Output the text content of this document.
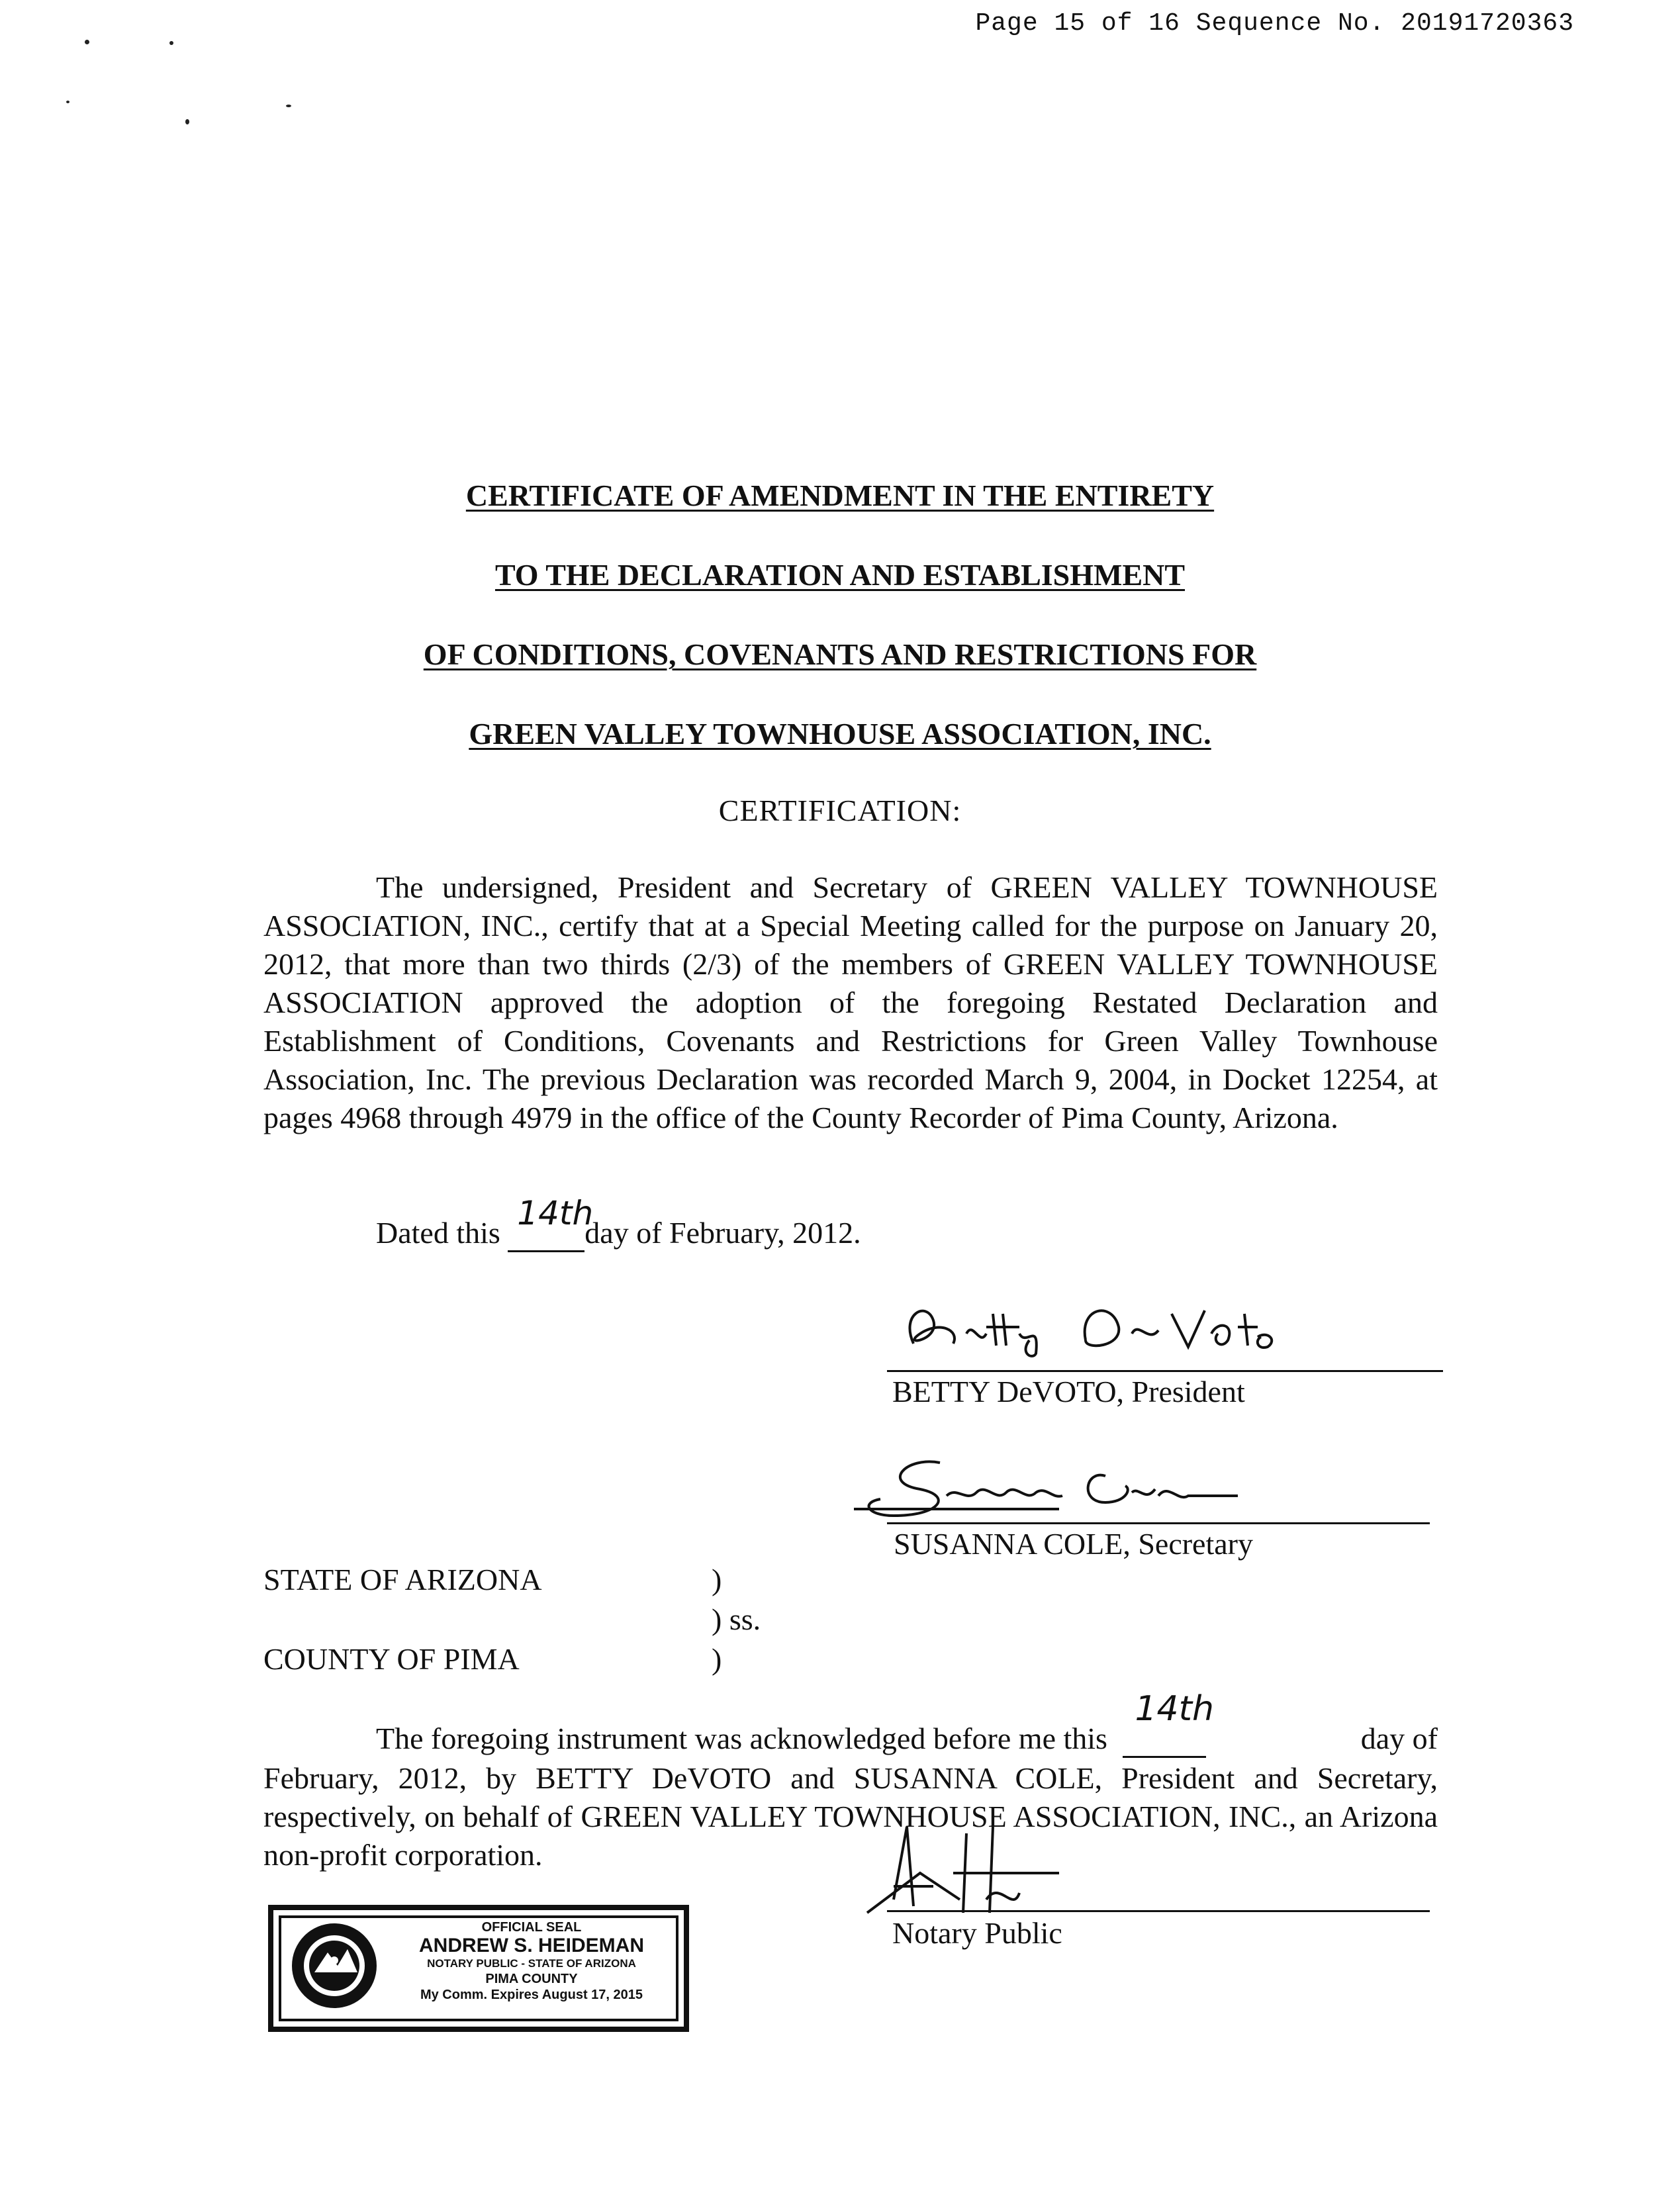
Page 15 of 16 Sequence No. 20191720363
CERTIFICATE OF AMENDMENT IN THE ENTIRETY
TO THE DECLARATION AND ESTABLISHMENT
OF CONDITIONS, COVENANTS AND RESTRICTIONS FOR
GREEN VALLEY TOWNHOUSE ASSOCIATION, INC.
CERTIFICATION:

The undersigned, President and Secretary of GREEN VALLEY TOWNHOUSE ASSOCIATION, INC., certify that at a Special Meeting called for the purpose on January 20, 2012, that more than two thirds (2/3) of the members of GREEN VALLEY TOWNHOUSE ASSOCIATION approved the adoption of the foregoing Restated Declaration and Establishment of Conditions, Covenants and Restrictions for Green Valley Townhouse Association, Inc. The previous Declaration was recorded March 9, 2004, in Docket 12254, at pages 4968 through 4979 in the office of the County Recorder of Pima County, Arizona.

Dated this
14th
day of February, 2012.
BETTY DeVOTO, President
SUSANNA COLE, Secretary
STATE OF ARIZONA	)
) ss.
COUNTY OF PIMA	)
The foregoing instrument was acknowledged before me this
14th

day of

February, 2012, by BETTY DeVOTO and SUSANNA COLE, President and Secretary, respectively, on behalf of GREEN VALLEY TOWNHOUSE ASSOCIATION, INC., an Arizona non-profit corporation.

Notary Public
OFFICIAL SEAL
ANDREW S. HEIDEMAN
NOTARY PUBLIC - STATE OF ARIZONA
PIMA COUNTY
My Comm. Expires August 17, 2015
